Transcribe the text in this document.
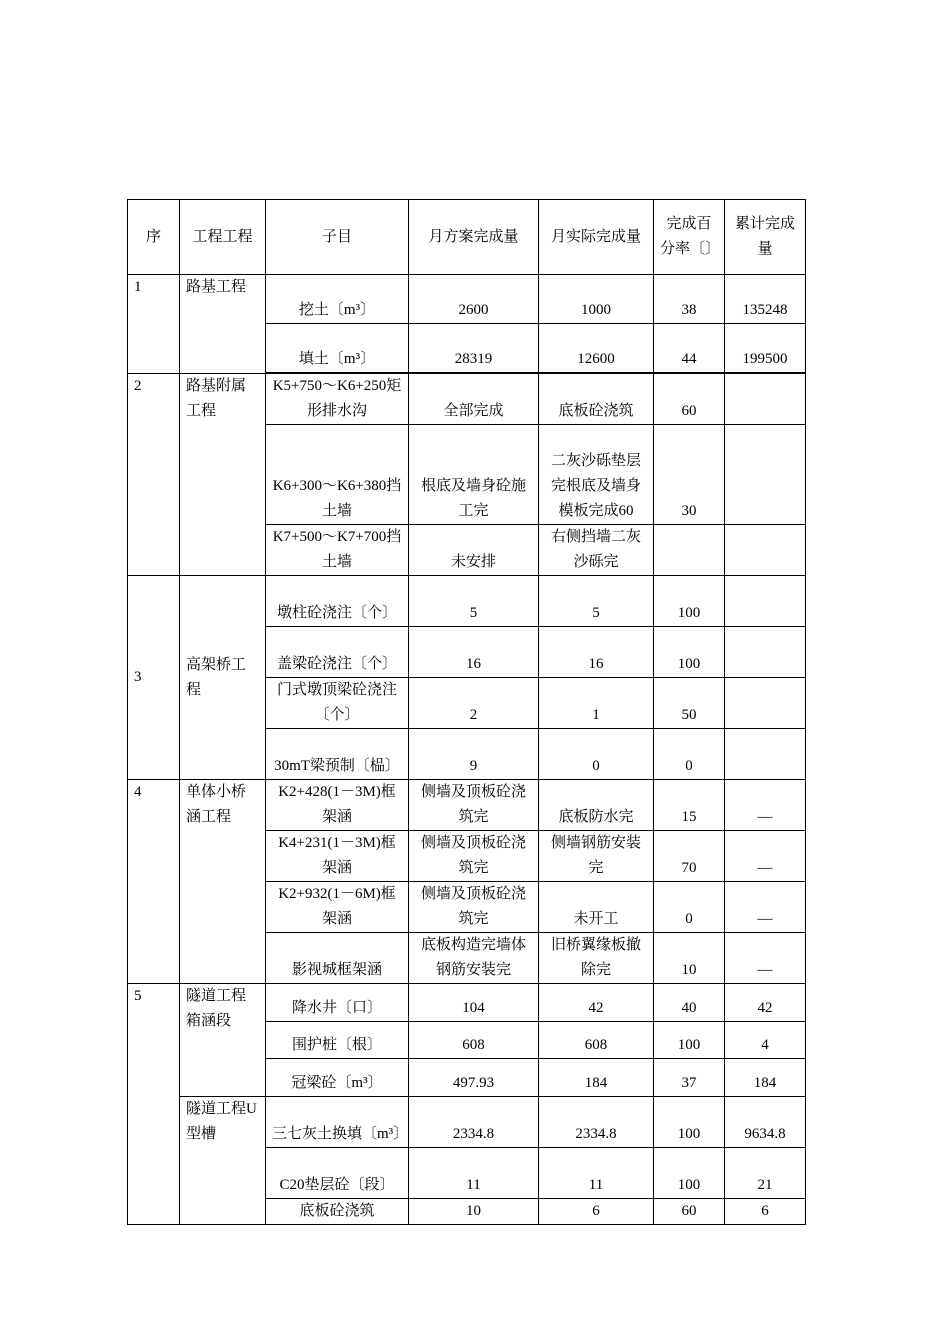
序	工程工程	子目	月方案完成量	月实际完成量	完成百分率〔〕	累计完成量
1	路基工程	挖土〔m³〕	2600	1000	38	135248
		填土〔m³〕	28319	12600	44	199500

2	路基附属工程	K5+750～K6+250矩形排水沟	全部完成	底板砼浇筑	60	
		K6+300～K6+380挡土墙	根底及墙身砼施工完	二灰沙砾垫层完根底及墙身模板完成60	30	
		K7+500～K7+700挡土墙	未安排	右侧挡墙二灰沙砾完		
3	高架桥工程	墩柱砼浇注〔个〕	5	5	100	
		盖梁砼浇注〔个〕	16	16	100	
		门式墩顶梁砼浇注〔个〕	2	1	50	
		30mT梁预制〔榀〕	9	0	0	
4	单体小桥涵工程	K2+428(1－3M)框架涵	侧墙及顶板砼浇筑完	底板防水完	15	—
		K4+231(1－3M)框架涵	侧墙及顶板砼浇筑完	侧墙钢筋安装完	70	—
		K2+932(1－6M)框架涵	侧墙及顶板砼浇筑完	未开工	0	—
		影视城框架涵	底板构造完墙体钢筋安装完	旧桥翼缘板撤除完	10	—
5	隧道工程箱涵段	降水井〔口〕	104	42	40	42
		围护桩〔根〕	608	608	100	4
		冠梁砼〔m³〕	497.93	184	37	184
	隧道工程U型槽	三七灰土换填〔m³〕	2334.8	2334.8	100	9634.8
		C20垫层砼〔段〕	11	11	100	21
		底板砼浇筑	10	6	60	6
